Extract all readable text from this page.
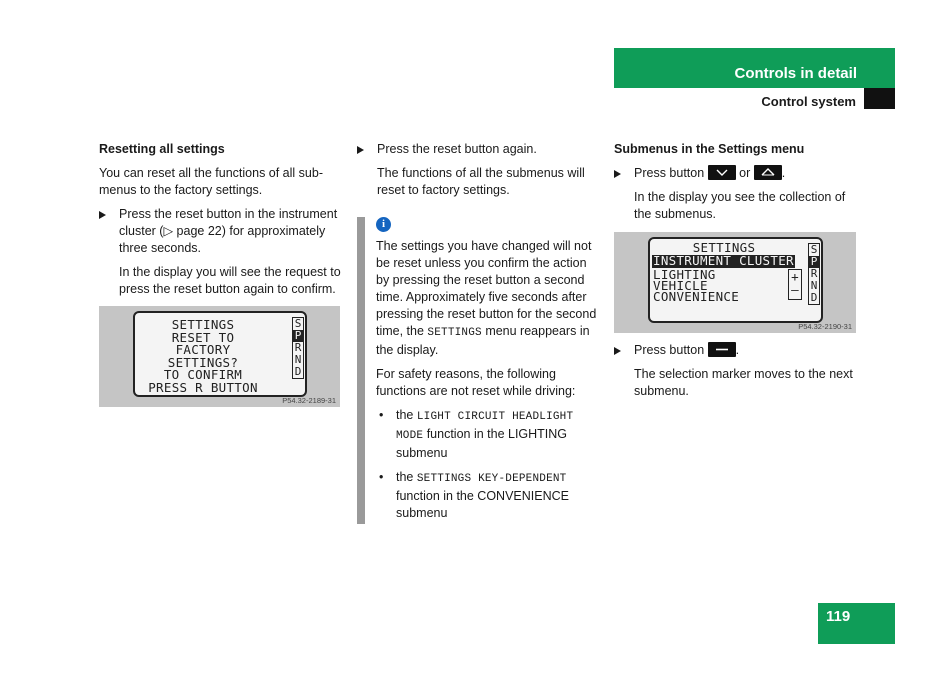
Controls in detail
Control system
Resetting all settings

You can reset all the functions of all sub-menus to the factory settings.

Press the reset button in the instrument cluster (▷ page 22) for approximately three seconds.

In the display you will see the request to press the reset button again to confirm.

SETTINGS
RESET TO
FACTORY
SETTINGS?
TO CONFIRM
PRESS R BUTTON
S
P
R
N
D
P54.32-2189-31
Press the reset button again.

The functions of all the submenus will reset to factory settings.

i

The settings you have changed will not be reset unless you confirm the action by pressing the reset button a second time. Approximately five seconds after pressing the reset button for the second time, the SETTINGS menu reappears in the display.

For safety reasons, the following functions are not reset while driving:

• the LIGHT CIRCUIT HEADLIGHT MODE function in the LIGHTING submenu
• the SETTINGS KEY-DEPENDENT function in the CONVENIENCE submenu
Submenus in the Settings menu
Press button	or	.

In the display you see the collection of the submenus.

SETTINGS
INSTRUMENT CLUSTER
LIGHTING
VEHICLE
CONVENIENCE
+
–
S
P
R
N
D
P54.32-2190-31
Press button	.

The selection marker moves to the next submenu.

119
